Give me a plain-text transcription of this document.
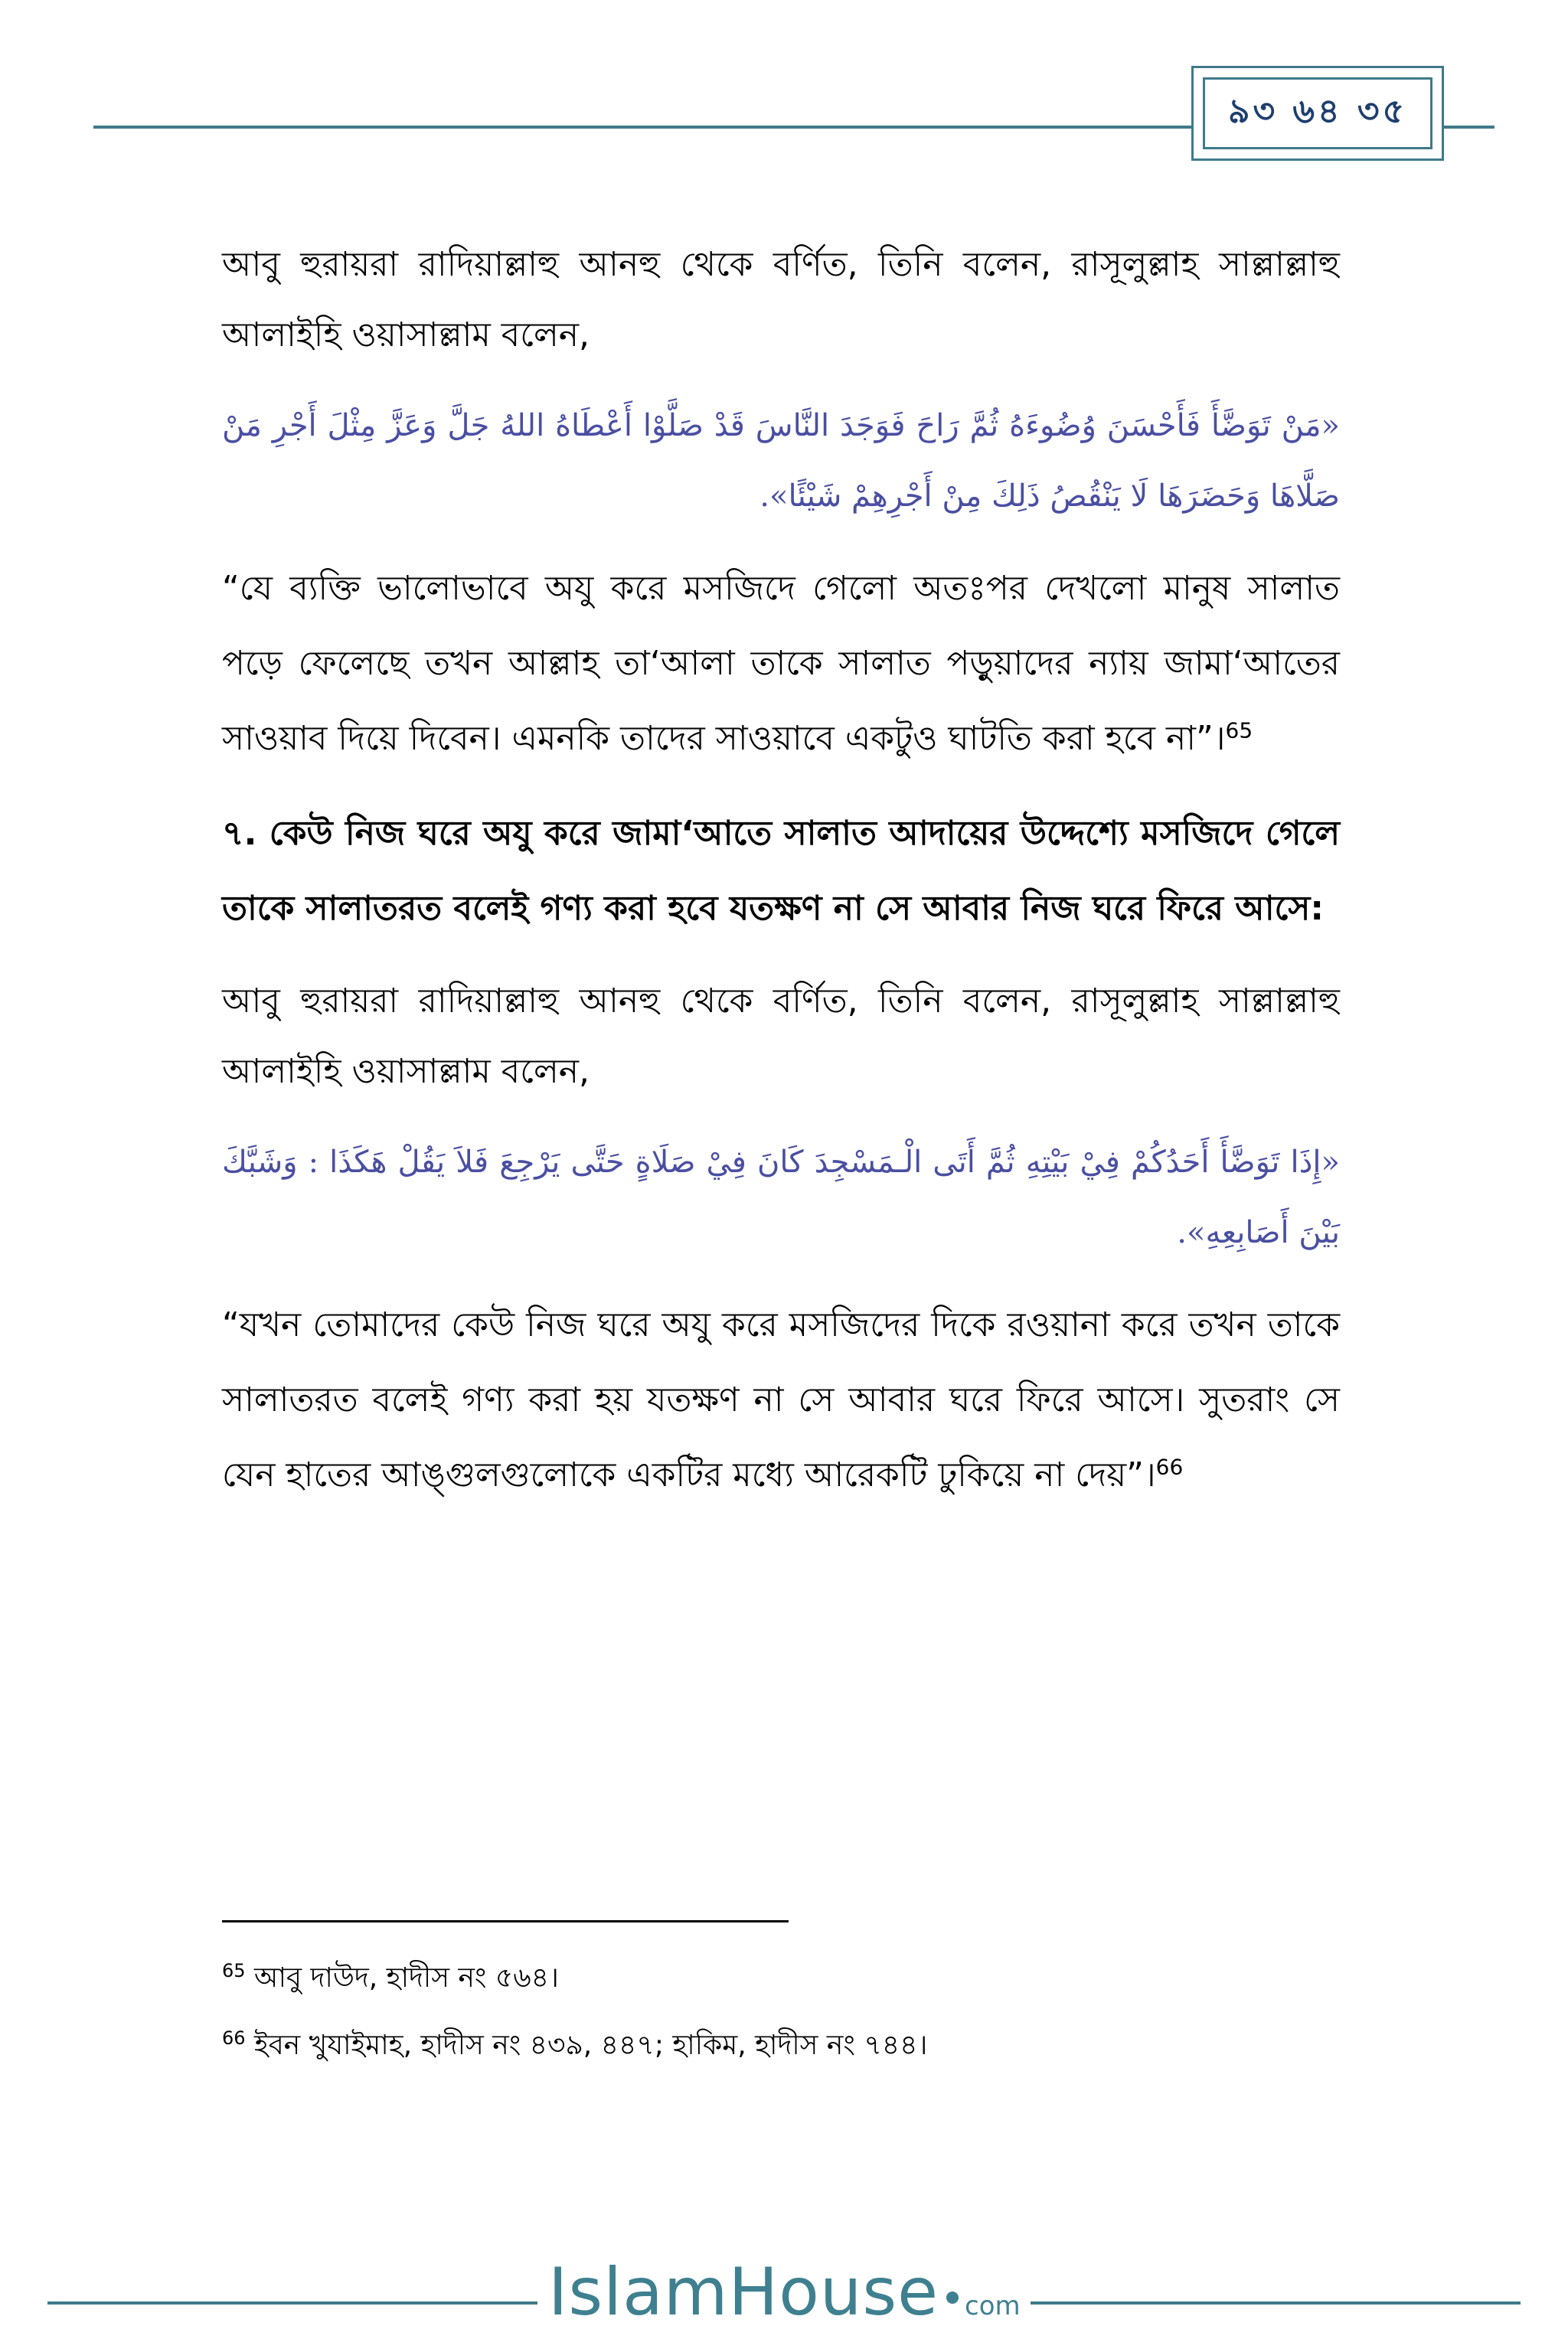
৯৩ ৬৪ ৩৫

আবু হুরায়রা রাদিয়াল্লাহু আনহু থেকে বর্ণিত, তিনি বলেন, রাসূলুল্লাহ সাল্লাল্লাহু আলাইহি ওয়াসাল্লাম বলেন,

«مَنْ تَوَضَّأَ فَأَحْسَنَ وُضُوءَهُ ثُمَّ رَاحَ فَوَجَدَ النَّاسَ قَدْ صَلَّوْا أَعْطَاهُ اللهُ جَلَّ وَعَزَّ مِثْلَ أَجْرِ مَنْ صَلَّاهَا وَحَضَرَهَا لَا يَنْقُصُ ذَلِكَ مِنْ أَجْرِهِمْ شَيْئًا».

“যে ব্যক্তি ভালোভাবে অযু করে মসজিদে গেলো অতঃপর দেখলো মানুষ সালাত পড়ে ফেলেছে তখন আল্লাহ তা‘আলা তাকে সালাত পড়ুয়াদের ন্যায় জামা‘আতের সাওয়াব দিয়ে দিবেন। এমনকি তাদের সাওয়াবে একটুও ঘাটতি করা হবে না”।$^{65}$

৭. কেউ নিজ ঘরে অযু করে জামা‘আতে সালাত আদায়ের উদ্দেশ্যে মসজিদে গেলে তাকে সালাতরত বলেই গণ্য করা হবে যতক্ষণ না সে আবার নিজ ঘরে ফিরে আসে:

আবু হুরায়রা রাদিয়াল্লাহু আনহু থেকে বর্ণিত, তিনি বলেন, রাসূলুল্লাহ সাল্লাল্লাহু আলাইহি ওয়াসাল্লাম বলেন,

«إِذَا تَوَضَّأَ أَحَدُكُمْ فِيْ بَيْتِهِ ثُمَّ أَتَى الْـمَسْجِدَ كَانَ فِيْ صَلَاةٍ حَتَّى يَرْجِعَ فَلاَ يَقُلْ هَكَذَا : وَشَبَّكَ بَيْنَ أَصَابِعِهِ».

“যখন তোমাদের কেউ নিজ ঘরে অযু করে মসজিদের দিকে রওয়ানা করে তখন তাকে সালাতরত বলেই গণ্য করা হয় যতক্ষণ না সে আবার ঘরে ফিরে আসে। সুতরাং সে যেন হাতের আঙ্গুলগুলোকে একটির মধ্যে আরেকটি ঢুকিয়ে না দেয়”।$^{66}$

$^{65}$ আবু দাউদ, হাদীস নং ৫৬৪।

$^{66}$ ইবন খুযাইমাহ, হাদীস নং ৪৩৯, ৪৪৭; হাকিম, হাদীস নং ৭৪৪।

IslamHouse com
